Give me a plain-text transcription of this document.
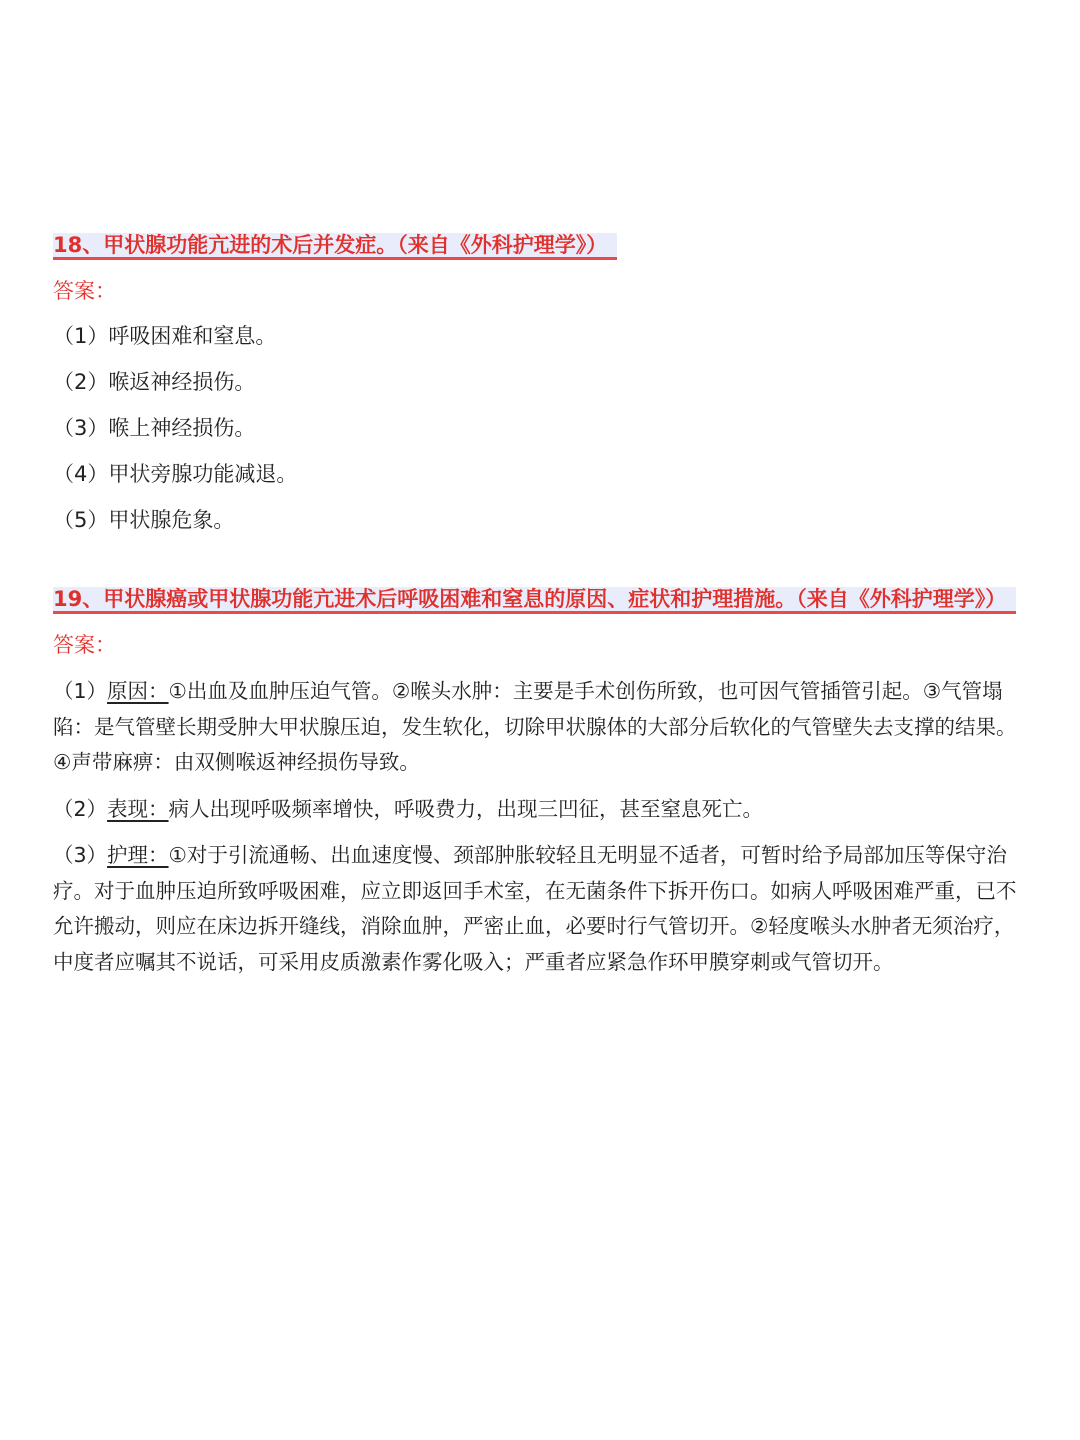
18、甲状腺功能亢进的术后并发症。（来自《外科护理学》）

答案：

（1）呼吸困难和窒息。

（2）喉返神经损伤。

（3）喉上神经损伤。

（4）甲状旁腺功能减退。

（5）甲状腺危象。

19、甲状腺癌或甲状腺功能亢进术后呼吸困难和窒息的原因、症状和护理措施。（来自《外科护理学》）

答案：

（1）原因：①出血及血肿压迫气管。②喉头水肿：主要是手术创伤所致，也可因气管插管引起。③气管塌陷：是气管壁长期受肿大甲状腺压迫，发生软化，切除甲状腺体的大部分后软化的气管壁失去支撑的结果。④声带麻痹：由双侧喉返神经损伤导致。

（2）表现：病人出现呼吸频率增快，呼吸费力，出现三凹征，甚至窒息死亡。

（3）护理：①对于引流通畅、出血速度慢、颈部肿胀较轻且无明显不适者，可暂时给予局部加压等保守治疗。对于血肿压迫所致呼吸困难，应立即返回手术室，在无菌条件下拆开伤口。如病人呼吸困难严重，已不允许搬动，则应在床边拆开缝线，消除血肿，严密止血，必要时行气管切开。②轻度喉头水肿者无须治疗，中度者应嘱其不说话，可采用皮质激素作雾化吸入；严重者应紧急作环甲膜穿刺或气管切开。
